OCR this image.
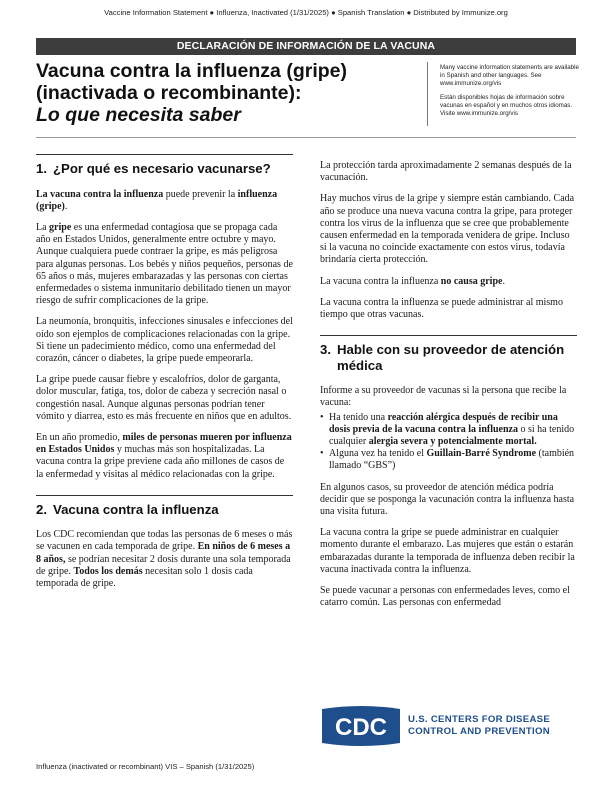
Vaccine Information Statement ● Influenza, Inactivated (1/31/2025) ● Spanish Translation ● Distributed by Immunize.org
DECLARACIÓN DE INFORMACIÓN DE LA VACUNA
Vacuna contra la influenza (gripe)
(inactivada o recombinante):
Lo que necesita saber

Many vaccine information statements are available in Spanish and other languages. See www.immunize.org/vis

Están disponibles hojas de información sobre vacunas en español y en muchos otros idiomas. Visite www.immunize.org/vis

1. ¿Por qué es necesario vacunarse?

La vacuna contra la influenza puede prevenir la influenza (gripe).

La gripe es una enfermedad contagiosa que se propaga cada año en Estados Unidos, generalmente entre octubre y mayo. Aunque cualquiera puede contraer la gripe, es más peligrosa para algunas personas. Los bebés y niños pequeños, personas de 65 años o más, mujeres embarazadas y las personas con ciertas enfermedades o sistema inmunitario debilitado tienen un mayor riesgo de sufrir complicaciones de la gripe.

La neumonía, bronquitis, infecciones sinusales e infecciones del oído son ejemplos de complicaciones relacionadas con la gripe. Si tiene un padecimiento médico, como una enfermedad del corazón, cáncer o diabetes, la gripe puede empeorarla.

La gripe puede causar fiebre y escalofríos, dolor de garganta, dolor muscular, fatiga, tos, dolor de cabeza y secreción nasal o congestión nasal. Aunque algunas personas podrían tener vómito y diarrea, esto es más frecuente en niños que en adultos.

En un año promedio, miles de personas mueren por influenza en Estados Unidos y muchas más son hospitalizadas. La vacuna contra la gripe previene cada año millones de casos de la enfermedad y visitas al médico relacionadas con la gripe.

2. Vacuna contra la influenza

Los CDC recomiendan que todas las personas de 6 meses o más se vacunen en cada temporada de gripe. En niños de 6 meses a 8 años, se podrían necesitar 2 dosis durante una sola temporada de gripe. Todos los demás necesitan solo 1 dosis cada temporada de gripe.

La protección tarda aproximadamente 2 semanas después de la vacunación.

Hay muchos virus de la gripe y siempre están cambiando. Cada año se produce una nueva vacuna contra la gripe, para proteger contra los virus de la influenza que se cree que probablemente causen enfermedad en la temporada venidera de gripe. Incluso si la vacuna no coincide exactamente con estos virus, todavía brindaría cierta protección.

La vacuna contra la influenza no causa gripe.

La vacuna contra la influenza se puede administrar al mismo tiempo que otras vacunas.

3. Hable con su proveedor de atención médica

Informe a su proveedor de vacunas si la persona que recibe la vacuna:

• Ha tenido una reacción alérgica después de recibir una dosis previa de la vacuna contra la influenza o si ha tenido cualquier alergia severa y potencialmente mortal.
• Alguna vez ha tenido el Guillain-Barré Syndrome (también llamado “GBS”)

En algunos casos, su proveedor de atención médica podría decidir que se posponga la vacunación contra la influenza hasta una visita futura.

La vacuna contra la gripe se puede administrar en cualquier momento durante el embarazo. Las mujeres que están o estarán embarazadas durante la temporada de influenza deben recibir la vacuna inactivada contra la influenza.

Se puede vacunar a personas con enfermedades leves, como el catarro común. Las personas con enfermedad

CDC U.S. CENTERS FOR DISEASE
CONTROL AND PREVENTION
Influenza (inactivated or recombinant) VIS – Spanish (1/31/2025)
